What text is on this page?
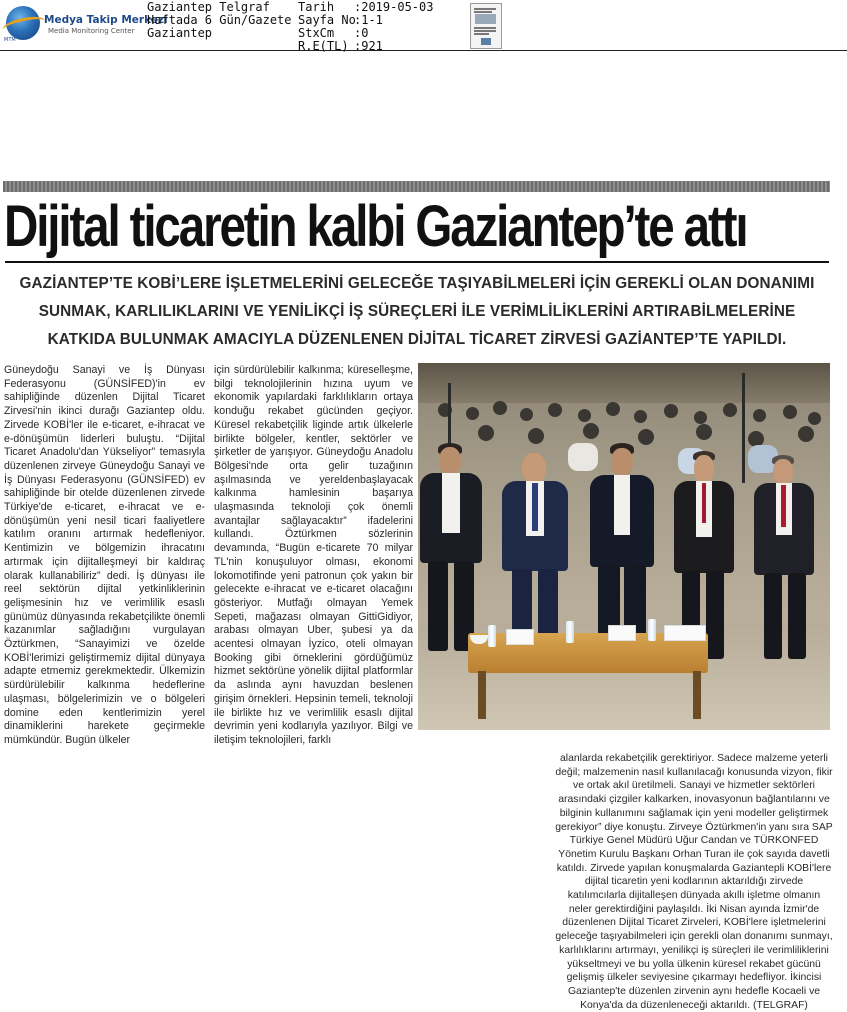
MTM
Medya Takip Merkezi
Media Monitoring Center
Gaziantep Telgraf
Haftada 6 Gün/Gazete
Gaziantep
Tarih :2019-05-03
Sayfa No:1-1
StxCm :0
R.E(TL) :921
Dijital ticaretin kalbi Gaziantep’te attı
GAZİANTEP’TE KOBİ’LERE İŞLETMELERİNİ GELECEĞE TAŞIYABİLMELERİ İÇİN GEREKLİ OLAN DONANIMI SUNMAK, KARLILIKLARINI VE YENİLİKÇİ İŞ SÜREÇLERİ İLE VERİMLİLİKLERİNİ ARTIRABİLMELERİNE KATKIDA BULUNMAK AMACIYLA DÜZENLENEN DİJİTAL TİCARET ZİRVESİ GAZİANTEP’TE YAPILDI.
Güneydoğu Sanayi ve İş Dünyası Federasyonu (GÜNSİFED)'in ev sahipliğinde düzenlen Dijital Ticaret Zirvesi'nin ikinci durağı Gaziantep oldu. Zirvede KOBİ'ler ile e-ticaret, e-ihracat ve e-dönüşümün liderleri buluştu. “Dijital Ticaret Anadolu'dan Yükseliyor” temasıyla düzenlenen zirveye Güneydoğu Sanayi ve İş Dünyası Federasyonu (GÜNSİFED) ev sahipliğinde bir otelde düzenlenen zirvede Türkiye'de e-ticaret, e-ihracat ve e-dönüşümün yeni nesil ticari faaliyetlere katılım oranını artırmak hedefleniyor. Kentimizin ve bölgemizin ihracatını artırmak için dijitalleşmeyi bir kaldıraç olarak kullanabiliriz” dedi. İş dünyası ile reel sektörün dijital yetkinliklerinin gelişmesinin hız ve verimlilik esaslı günümüz dünyasında rekabetçilikte önemli kazanımlar sağladığını vurgulayan Öztürkmen, “Sanayimizi ve özelde KOBİ'lerimizi geliştirmemiz dijital dünyaya adapte etmemiz gerekmektedir. Ülkemizin sürdürülebilir kalkınma hedeflerine ulaşması, bölgelerimizin ve o bölgeleri domine eden kentlerimizin yerel dinamiklerini harekete geçirmekle mümkündür. Bugün ülkeler
için sürdürülebilir kalkınma; küreselleşme, bilgi teknolojilerinin hızına uyum ve ekonomik yapılardaki farklılıkların ortaya konduğu rekabet gücünden geçiyor. Küresel rekabetçilik liginde artık ülkelerle birlikte bölgeler, kentler, sektörler ve şirketler de yarışıyor. Güneydoğu Anadolu Bölgesi'nde orta gelir tuzağının aşılmasında ve yereldenbaşlayacak kalkınma hamlesinin başarıya ulaşmasında teknoloji çok önemli avantajlar sağlayacaktır” ifadelerini kullandı. Öztürkmen sözlerinin devamında, “Bugün e-ticarete 70 milyar TL'nin konuşuluyor olması, ekonomi lokomotifinde yeni patronun çok yakın bir gelecekte e-ihracat ve e-ticaret olacağını gösteriyor. Mutfağı olmayan Yemek Sepeti, mağazası olmayan GittiGidiyor, arabası olmayan Uber, şubesi ya da acentesi olmayan İyzico, oteli olmayan Booking gibi örneklerini gördüğümüz hizmet sektörüne yönelik dijital platformlar da aslında aynı havuzdan beslenen girişim örnekleri. Hepsinin temeli, teknoloji ile birlikte hız ve verimlilik esaslı dijital devrimin yeni kodlarıyla yazılıyor. Bilgi ve iletişim teknolojileri, farklı
alanlarda rekabetçilik gerektiriyor. Sadece malzeme yeterli değil; malzemenin nasıl kullanılacağı konusunda vizyon, fikir ve ortak akıl üretilmeli. Sanayi ve hizmetler sektörleri arasındaki çizgiler kalkarken, inovasyonun bağlantılarını ve bilginin kullanımını sağlamak için yeni modeller geliştirmek gerekiyor” diye konuştu. Zirveye Öztürkmen'in yanı sıra SAP Türkiye Genel Müdürü Uğur Candan ve TÜRKONFED Yönetim Kurulu Başkanı Orhan Turan ile çok sayıda davetli katıldı. Zirvede yapılan konuşmalarda Gaziantepli KOBİ'lere dijital ticaretin yeni kodlarının aktarıldığı zirvede katılımcılarla dijitalleşen dünyada akıllı işletme olmanın neler gerektirdiğini paylaşıldı. İki Nisan ayında İzmir'de düzenlenen Dijital Ticaret Zirveleri, KOBİ'lere işletmelerini geleceğe taşıyabilmeleri için gerekli olan donanımı sunmayı, karlılıklarını artırmayı, yenilikçi iş süreçleri ile verimliliklerini yükseltmeyi ve bu yolla ülkenin küresel rekabet gücünü gelişmiş ülkeler seviyesine çıkarmayı hedefliyor. İkincisi Gaziantep'te düzenlen zirvenin aynı hedefle Kocaeli ve Konya'da da düzenleneceği aktarıldı. (TELGRAF)
